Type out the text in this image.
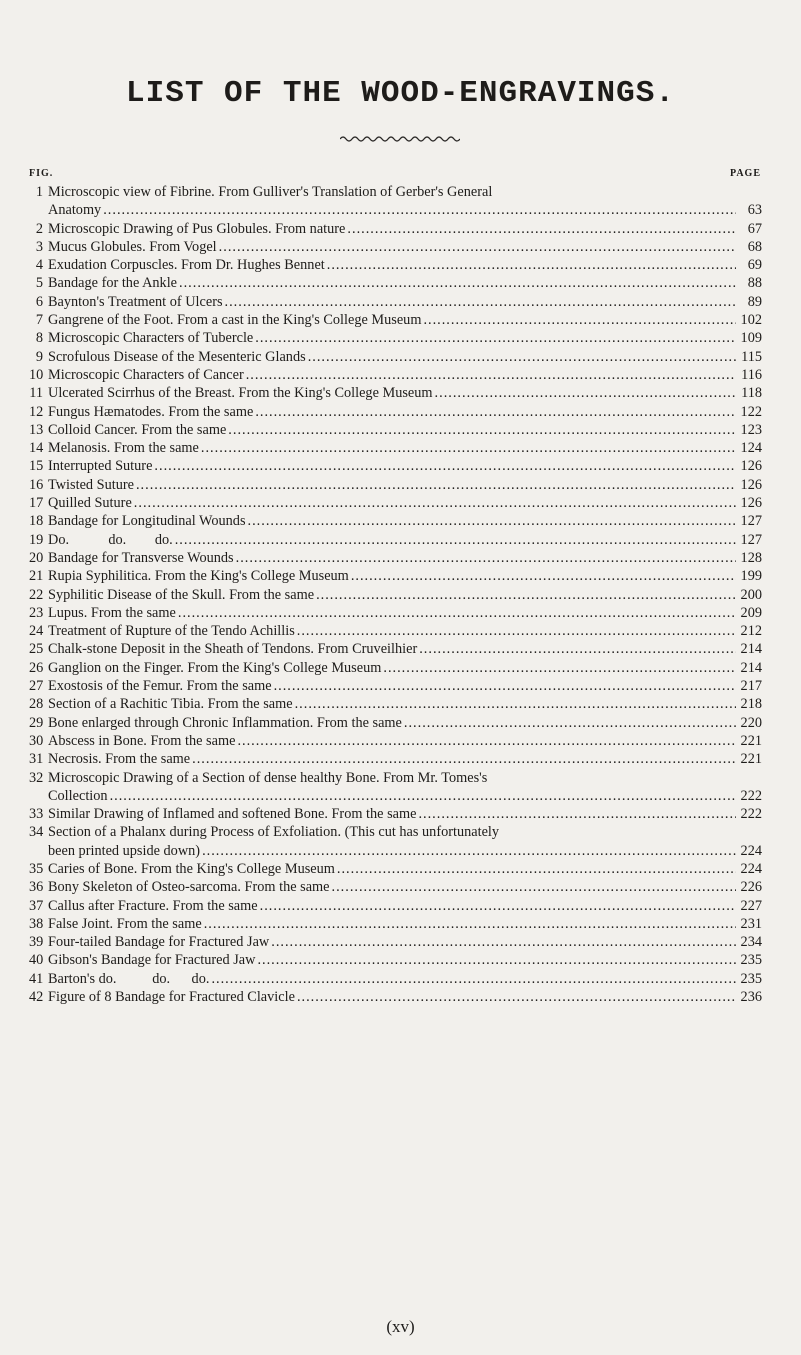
LIST OF THE WOOD-ENGRAVINGS.
FIG.	PAGE
1 Microscopic view of Fibrine. From Gulliver's Translation of Gerber's General
Anatomy .....	63
2 Microscopic Drawing of Pus Globules. From nature .....	67
3 Mucus Globules. From Vogel .....	68
4 Exudation Corpuscles. From Dr. Hughes Bennet .....	69
5 Bandage for the Ankle .....	88
6 Baynton's Treatment of Ulcers .....	89
7 Gangrene of the Foot. From a cast in the King's College Museum .....	102
8 Microscopic Characters of Tubercle .....	109
9 Scrofulous Disease of the Mesenteric Glands .....	115
10 Microscopic Characters of Cancer .....	116
11 Ulcerated Scirrhus of the Breast. From the King's College Museum .....	118
12 Fungus Hæmatodes. From the same .....	122
13 Colloid Cancer. From the same .....	123
14 Melanosis. From the same .....	124
15 Interrupted Suture .....	126
16 Twisted Suture .....	126
17 Quilled Suture .....	126
18 Bandage for Longitudinal Wounds .....	127
19 Do.           do.        do. .....	127
20 Bandage for Transverse Wounds .....	128
21 Rupia Syphilitica. From the King's College Museum .....	199
22 Syphilitic Disease of the Skull. From the same .....	200
23 Lupus. From the same .....	209
24 Treatment of Rupture of the Tendo Achillis .....	212
25 Chalk-stone Deposit in the Sheath of Tendons. From Cruveilhier .....	214
26 Ganglion on the Finger. From the King's College Museum .....	214
27 Exostosis of the Femur. From the same .....	217
28 Section of a Rachitic Tibia. From the same .....	218
29 Bone enlarged through Chronic Inflammation. From the same .....	220
30 Abscess in Bone. From the same .....	221
31 Necrosis. From the same .....	221
32 Microscopic Drawing of a Section of dense healthy Bone. From Mr. Tomes's
Collection .....	222
33 Similar Drawing of Inflamed and softened Bone. From the same .....	222
34 Section of a Phalanx during Process of Exfoliation. (This cut has unfortunately
been printed upside down) .....	224
35 Caries of Bone. From the King's College Museum .....	224
36 Bony Skeleton of Osteo-sarcoma. From the same .....	226
37 Callus after Fracture. From the same .....	227
38 False Joint. From the same .....	231
39 Four-tailed Bandage for Fractured Jaw .....	234
40 Gibson's Bandage for Fractured Jaw .....	235
41 Barton's do.          do.      do. .....	235
42 Figure of 8 Bandage for Fractured Clavicle .....	236
(xv)
